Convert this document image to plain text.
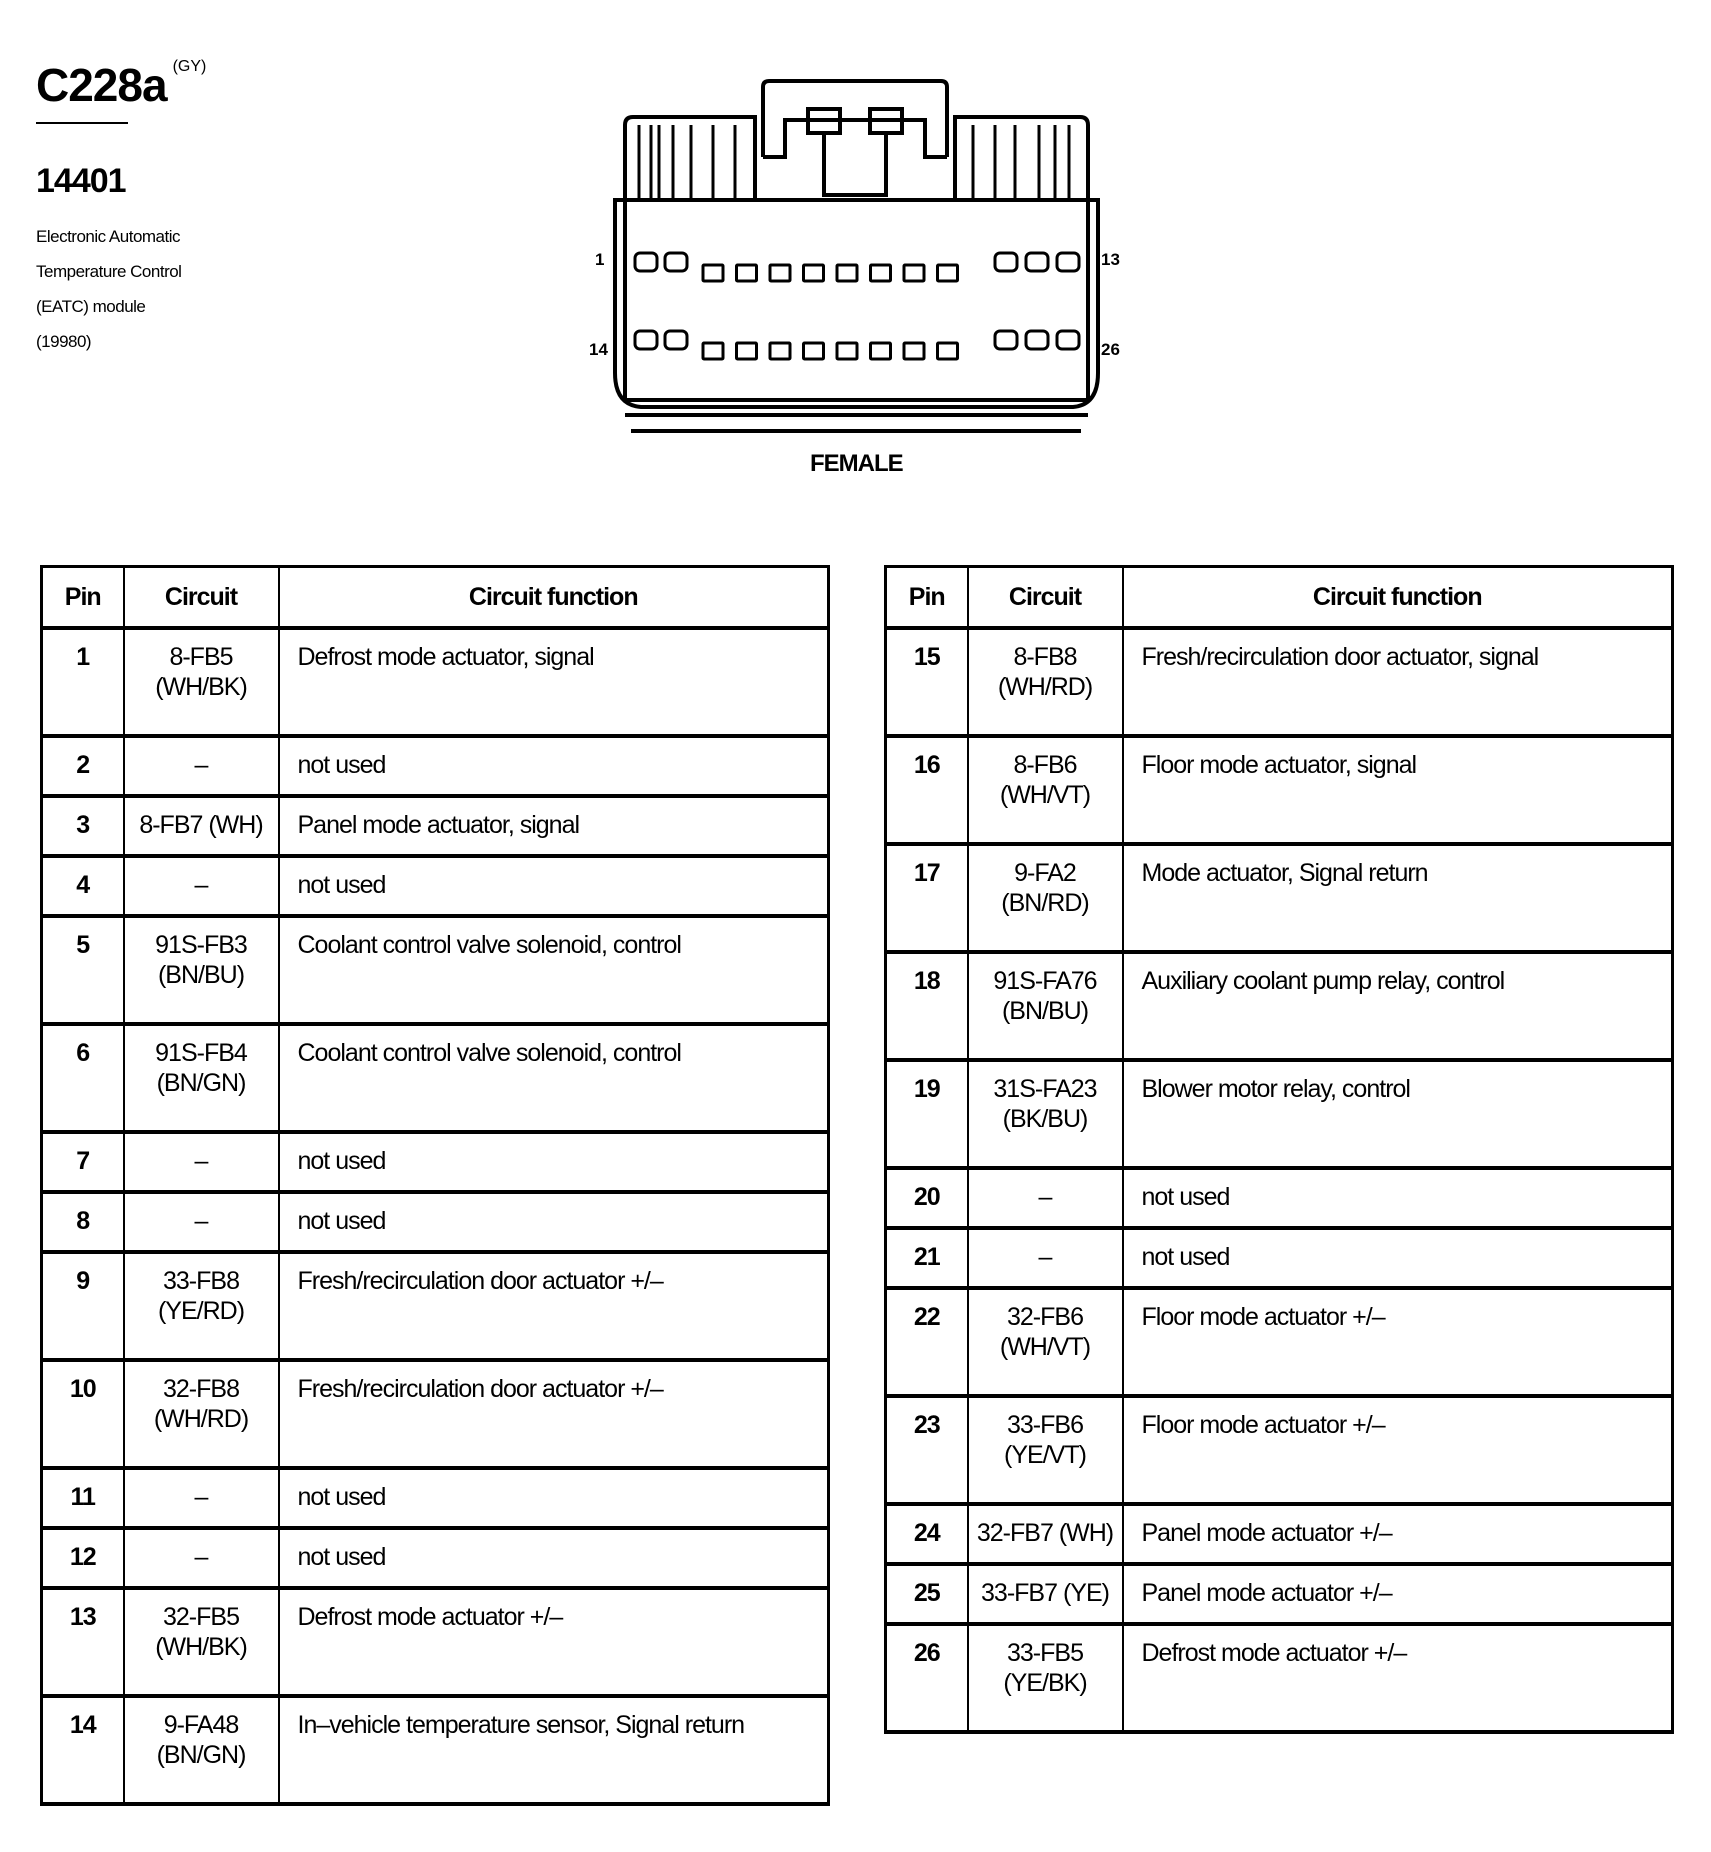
C228a (GY)
14401
Electronic Automatic
Temperature Control
(EATC) module
(19980)
1	13
14	26
FEMALE
Pin	Circuit	Circuit function
1	8-FB5
(WH/BK)	Defrost mode actuator, signal
2	–	not used
3	8-FB7 (WH)	Panel mode actuator, signal
4	–	not used
5	91S-FB3
(BN/BU)	Coolant control valve solenoid, control
6	91S-FB4
(BN/GN)	Coolant control valve solenoid, control
7	–	not used
8	–	not used
9	33-FB8
(YE/RD)	Fresh/recirculation door actuator +/–
10	32-FB8
(WH/RD)	Fresh/recirculation door actuator +/–
11	–	not used
12	–	not used
13	32-FB5
(WH/BK)	Defrost mode actuator +/–
14	9-FA48
(BN/GN)	In–vehicle temperature sensor, Signal return
Pin	Circuit	Circuit function
15	8-FB8
(WH/RD)	Fresh/recirculation door actuator, signal
16	8-FB6
(WH/VT)	Floor mode actuator, signal
17	9-FA2
(BN/RD)	Mode actuator, Signal return
18	91S-FA76
(BN/BU)	Auxiliary coolant pump relay, control
19	31S-FA23
(BK/BU)	Blower motor relay, control
20	–	not used
21	–	not used
22	32-FB6
(WH/VT)	Floor mode actuator +/–
23	33-FB6
(YE/VT)	Floor mode actuator +/–
24	32-FB7 (WH)	Panel mode actuator +/–
25	33-FB7 (YE)	Panel mode actuator +/–
26	33-FB5
(YE/BK)	Defrost mode actuator +/–
